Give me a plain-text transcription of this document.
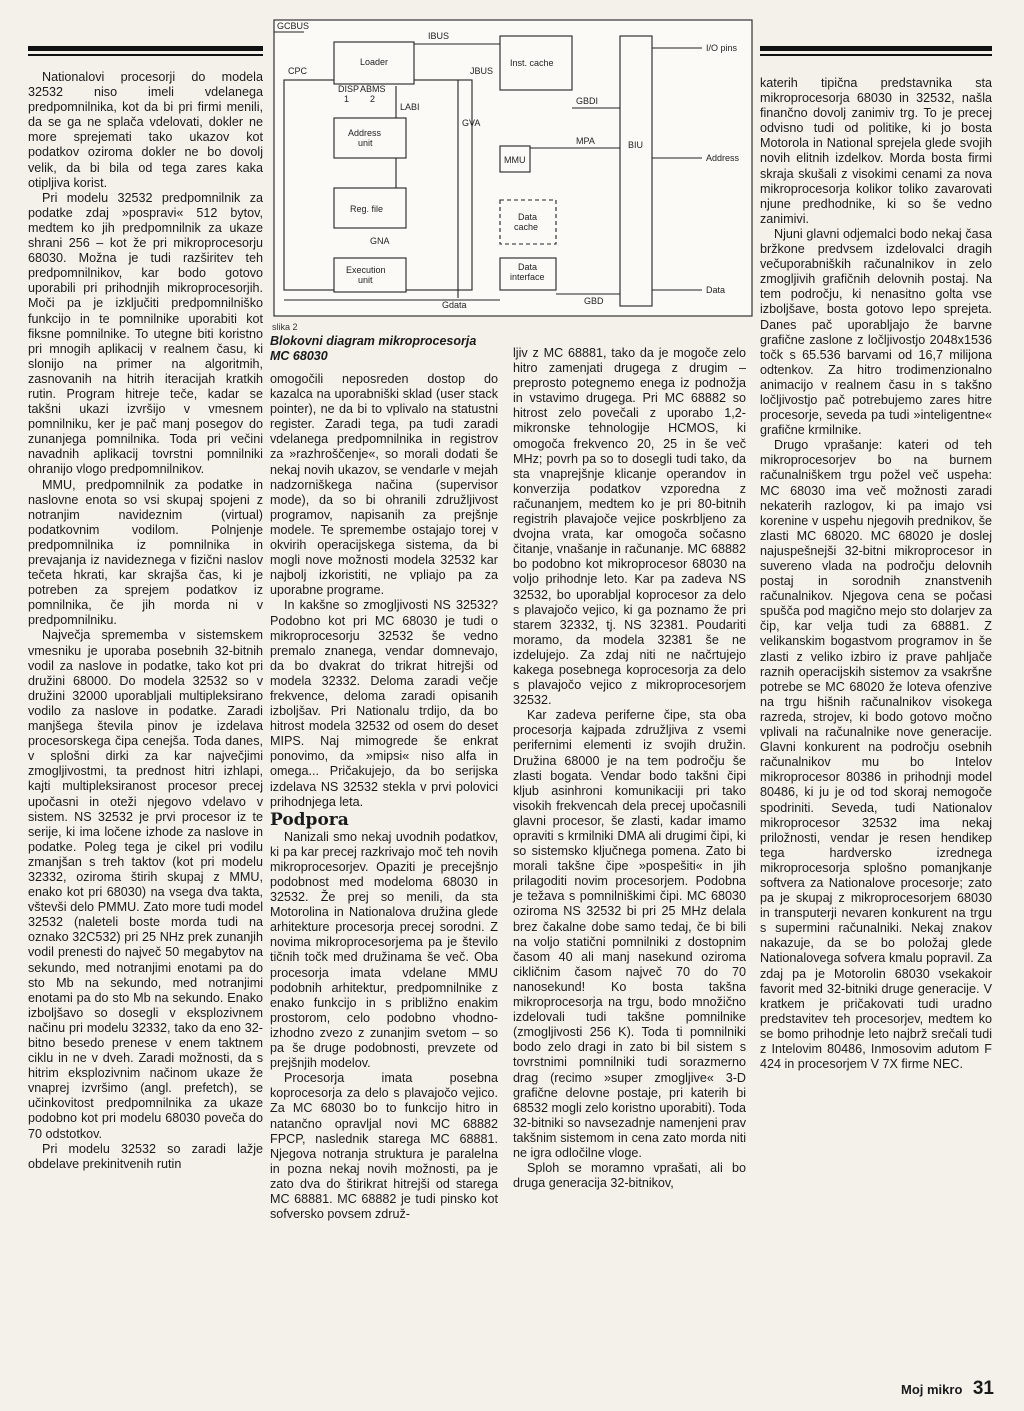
Nationalovi procesorji do modela 32532 niso imeli vdelanega predpomnilnika, kot da bi pri firmi menili, da se ga ne splača vdelovati, dokler ne more sprejemati tako ukazov kot podatkov oziroma dokler ne bo dovolj velik, da bi bila od tega zares kaka otipljiva korist.

Pri modelu 32532 predpomnilnik za podatke zdaj »pospravi« 512 bytov, medtem ko jih predpomnilnik za ukaze shrani 256 – kot že pri mikroprocesorju 68030. Možna je tudi razširitev teh predpomnilnikov, kar bodo gotovo uporabili pri prihodnjih mikroprocesorjih. Moči pa je izključiti predpomnilniško funkcijo in te pomnilnike uporabiti kot fiksne pomnilnike. To utegne biti koristno pri mnogih aplikacij v realnem času, ki slonijo na primer na algoritmih, zasnovanih na hitrih iteracijah kratkih rutin. Program hitreje teče, kadar se takšni ukazi izvršijo v vmesnem pomnilniku, ker je pač manj posegov do zunanjega pomnilnika. Toda pri večini navadnih aplikacij tovrstni pomnilniki ohranijo vlogo predpomnilnikov.

MMU, predpomnilnik za podatke in naslovne enota so vsi skupaj spojeni z notranjim navideznim (virtual) podatkovnim vodilom. Polnjenje predpomnilnika iz pomnilnika in prevajanja iz navideznega v fizični naslov tečeta hkrati, kar skrajša čas, ki je potreben za sprejem podatkov iz pomnilnika, če jih morda ni v predpomnilniku.

Največja sprememba v sistemskem vmesniku je uporaba posebnih 32-bitnih vodil za naslove in podatke, tako kot pri družini 68000. Do modela 32532 so v družini 32000 uporabljali multipleksirano vodilo za naslove in podatke. Zaradi manjšega števila pinov je izdelava procesorskega čipa cenejša. Toda danes, v splošni dirki za kar največjimi zmogljivostmi, ta prednost hitri izhlapi, kajti multipleksiranost procesor precej upočasni in oteži njegovo vdelavo v sistem. NS 32532 je prvi procesor iz te serije, ki ima ločene izhode za naslove in podatke. Poleg tega je cikel pri vodilu zmanjšan s treh taktov (kot pri modelu 32332, oziroma štirih skupaj z MMU, enako kot pri 68030) na vsega dva takta, vštevši delo PMMU. Zato more tudi model 32532 (naleteli boste morda tudi na oznako 32C532) pri 25 NHz prek zunanjih vodil prenesti do največ 50 megabytov na sekundo, med notranjimi enotami pa do sto Mb na sekundo, med notranjimi enotami pa do sto Mb na sekundo. Enako izboljšavo so dosegli v eksplozivnem načinu pri modelu 32332, tako da eno 32-bitno besedo prenese v enem taktnem ciklu in ne v dveh. Zaradi možnosti, da s hitrim eksplozivnim načinom ukaze že vnaprej izvršimo (angl. prefetch), se učinkovitost predpomnilnika za ukaze podobno kot pri modelu 68030 poveča do 70 odstotkov.

Pri modelu 32532 so zaradi lažje obdelave prekinitvenih rutin

GCBUS
CPC
Loader
IBUS
DISP ABMS
1 2
LABI
Address
unit
Reg. file
GNA
Execution
unit
GVA
JBUS
Gdata
Inst. cache
MMU
Data
cache
Data
interface
GBDI
MPA
GBD
BIU
I/O pins
Address
Data
slika 2
Blokovni diagram mikroprocesorja MC 68030

omogočili neposreden dostop do kazalca na uporabniški sklad (user stack pointer), ne da bi to vplivalo na statustni register. Zaradi tega, pa tudi zaradi vdelanega predpomnilnika in registrov za »razhroščenje«, so morali dodati še nekaj novih ukazov, se vendarle v mejah nadzorniškega načina (supervisor mode), da so bi ohranili združljivost programov, napisanih za prejšnje modele. Te spremembe ostajajo torej v okvirih operacijskega sistema, da bi mogli nove možnosti modela 32532 kar najbolj izkoristiti, ne vpliajo pa za uporabne programe.

In kakšne so zmogljivosti NS 32532? Podobno kot pri MC 68030 je tudi o mikroprocesorju 32532 še vedno premalo znanega, vendar domnevajo, da bo dvakrat do trikrat hitrejši od modela 32332. Deloma zaradi večje frekvence, deloma zaradi opisanih izboljšav. Pri Nationalu trdijo, da bo hitrost modela 32532 od osem do deset MIPS. Naj mimogrede še enkrat ponovimo, da »mipsi« niso alfa in omega... Pričakujejo, da bo serijska izdelava NS 32532 stekla v prvi polovici prihodnjega leta.

Podpora

Nanizali smo nekaj uvodnih podatkov, ki pa kar precej razkrivajo moč teh novih mikroprocesorjev. Opaziti je precejšnjo podobnost med modeloma 68030 in 32532. Že prej so menili, da sta Motorolina in Nationalova družina glede arhitekture procesorja precej sorodni. Z novima mikroprocesorjema pa je število tičnih točk med družinama še več. Oba procesorja imata vdelane MMU podobnih arhitektur, predpomnilnike z enako funkcijo in s približno enakim prostorom, celo podobno vhodno-izhodno zvezo z zunanjim svetom – so pa še druge podobnosti, prevzete od prejšnjih modelov.

Procesorja imata posebna koprocesorja za delo s plavajočo vejico. Za MC 68030 bo to funkcijo hitro in natančno opravljal novi MC 68882 FPCP, naslednik starega MC 68881. Njegova notranja struktura je paralelna in pozna nekaj novih možnosti, pa je zato dva do štirikrat hitrejši od starega MC 68881. MC 68882 je tudi pinsko kot sofversko povsem združ-

ljiv z MC 68881, tako da je mogoče zelo hitro zamenjati drugega z drugim – preprosto potegnemo enega iz podnožja in vstavimo drugega. Pri MC 68882 so hitrost zelo povečali z uporabo 1,2-mikronske tehnologije HCMOS, ki omogoča frekvenco 20, 25 in še več MHz; povrh pa so to dosegli tudi tako, da sta vnaprejšnje klicanje operandov in konverzija podatkov vzporedna z računanjem, medtem ko je pri 80-bitnih registrih plavajoče vejice poskrbljeno za dvojna vrata, kar omogoča sočasno čitanje, vnašanje in računanje. MC 68882 bo podobno kot mikroprocesor 68030 na voljo prihodnje leto. Kar pa zadeva NS 32532, bo uporabljal koprocesor za delo s plavajočo vejico, ki ga poznamo že pri starem 32332, tj. NS 32381. Poudariti moramo, da modela 32381 še ne izdelujejo. Za zdaj niti ne načrtujejo kakega posebnega koprocesorja za delo s plavajočo vejico z mikroprocesorjem 32532.

Kar zadeva periferne čipe, sta oba procesorja kajpada združljiva z vsemi perifernimi elementi iz svojih družin. Družina 68000 je na tem področju še zlasti bogata. Vendar bodo takšni čipi kljub asinhroni komunikaciji pri tako visokih frekvencah dela precej upočasnili glavni procesor, še zlasti, kadar imamo opraviti s krmilniki DMA ali drugimi čipi, ki so sistemsko ključnega pomena. Zato bi morali takšne čipe »pospešiti« in jih prilagoditi novim procesorjem. Podobna je težava s pomnilniškimi čipi. MC 68030 oziroma NS 32532 bi pri 25 MHz delala brez čakalne dobe samo tedaj, če bi bili na voljo statični pomnilniki z dostopnim časom 40 ali manj nasekund oziroma cikličnim časom največ 70 do 70 nanosekund! Ko bosta takšna mikroprocesorja na trgu, bodo množično izdelovali tudi takšne pomnilnike (zmogljivosti 256 K). Toda ti pomnilniki bodo zelo dragi in zato bi bil sistem s tovrstnimi pomnilniki tudi sorazmerno drag (recimo »super zmogljive« 3-D grafične delovne postaje, pri katerih bi 68532 mogli zelo koristno uporabiti). Toda 32-bitniki so navsezadnje namenjeni prav takšnim sistemom in cena zato morda niti ne igra odločilne vloge.

Sploh se moramno vprašati, ali bo druga generacija 32-bitnikov,

katerih tipična predstavnika sta mikroprocesorja 68030 in 32532, našla finančno dovolj zanimiv trg. To je precej odvisno tudi od politike, ki jo bosta Motorola in National sprejela glede svojih novih elitnih izdelkov. Morda bosta firmi skraja skušali z visokimi cenami za nova mikroprocesorja kolikor toliko zavarovati njune predhodnike, ki so še vedno zanimivi.

Njuni glavni odjemalci bodo nekaj časa bržkone predvsem izdelovalci dragih večuporabniških računalnikov in zelo zmogljivih grafičnih delovnih postaj. Na tem področju, ki nenasitno golta vse izboljšave, bosta gotovo lepo sprejeta. Danes pač uporabljajo že barvne grafične zaslone z ločljivostjo 2048x1536 točk s 65.536 barvami od 16,7 milijona odtenkov. Za hitro trodimenzionalno animacijo v realnem času in s takšno ločljivostjo pač potrebujemo zares hitre procesorje, seveda pa tudi »inteligentne« grafične krmilnike.

Drugo vprašanje: kateri od teh mikroprocesorjev bo na burnem računalniškem trgu požel več uspeha: MC 68030 ima več možnosti zaradi nekaterih razlogov, ki pa imajo vsi korenine v uspehu njegovih prednikov, še zlasti MC 68020. MC 68020 je doslej najuspešnejši 32-bitni mikroprocesor in suvereno vlada na področju delovnih postaj in sorodnih znanstvenih računalnikov. Njegova cena se počasi spušča pod magično mejo sto dolarjev za čip, kar velja tudi za 68881. Z velikanskim bogastvom programov in še zlasti z veliko izbiro iz prave pahljače raznih operacijskih sistemov za vsakršne potrebe se MC 68020 že loteva ofenzive na trgu hišnih računalnikov visokega razreda, strojev, ki bodo gotovo močno vplivali na računalnike nove generacije. Glavni konkurent na področju osebnih računalnikov mu bo Intelov mikroprocesor 80386 in prihodnji model 80486, ki ju je od tod skoraj nemogoče spodriniti. Seveda, tudi Nationalov mikroprocesor 32532 ima nekaj priložnosti, vendar je resen hendikep tega hardversko izrednega mikroprocesorja splošno pomanjkanje softvera za Nationalove procesorje; zato pa je skupaj z mikroprocesorjem 68030 in transputerji nevaren konkurent na trgu s supermini računalniki. Nekaj znakov nakazuje, da se bo položaj glede Nationalovega sofvera kmalu popravil. Za zdaj pa je Motorolin 68030 vsekakoir favorit med 32-bitniki druge generacije. V kratkem je pričakovati tudi uradno predstavitev teh procesorjev, medtem ko se bomo prihodnje leto najbrž srečali tudi z Intelovim 80486, Inmosovim adutom F 424 in procesorjem V 7X firme NEC.

Moj mikro 31
